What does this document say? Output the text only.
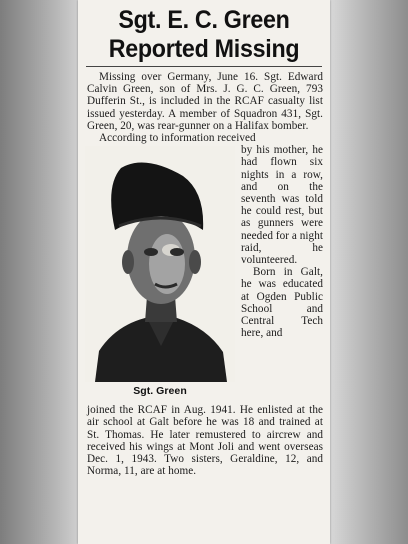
Sgt. E. C. Green
Reported Missing

Missing over Germany, June 16. Sgt. Edward Calvin Green, son of Mrs. J. G. C. Green, 793 Dufferin St., is included in the RCAF casualty list issued yesterday. A member of Squadron 431, Sgt. Green, 20, was rear-gunner on a Halifax bomber.

According to information received

Sgt. Green

by his mother, he had flown six nights in a row, and on the seventh was told he could rest, but as gunners were needed for a night raid, he volunteered.

Born in Galt, he was educated at Ogden Public School and Central Tech here, and

joined the RCAF in Aug. 1941. He enlisted at the air school at Galt before he was 18 and trained at St. Thomas. He later remustered to aircrew and received his wings at Mont Joli and went overseas Dec. 1, 1943. Two sisters, Geraldine, 12, and Norma, 11, are at home.
